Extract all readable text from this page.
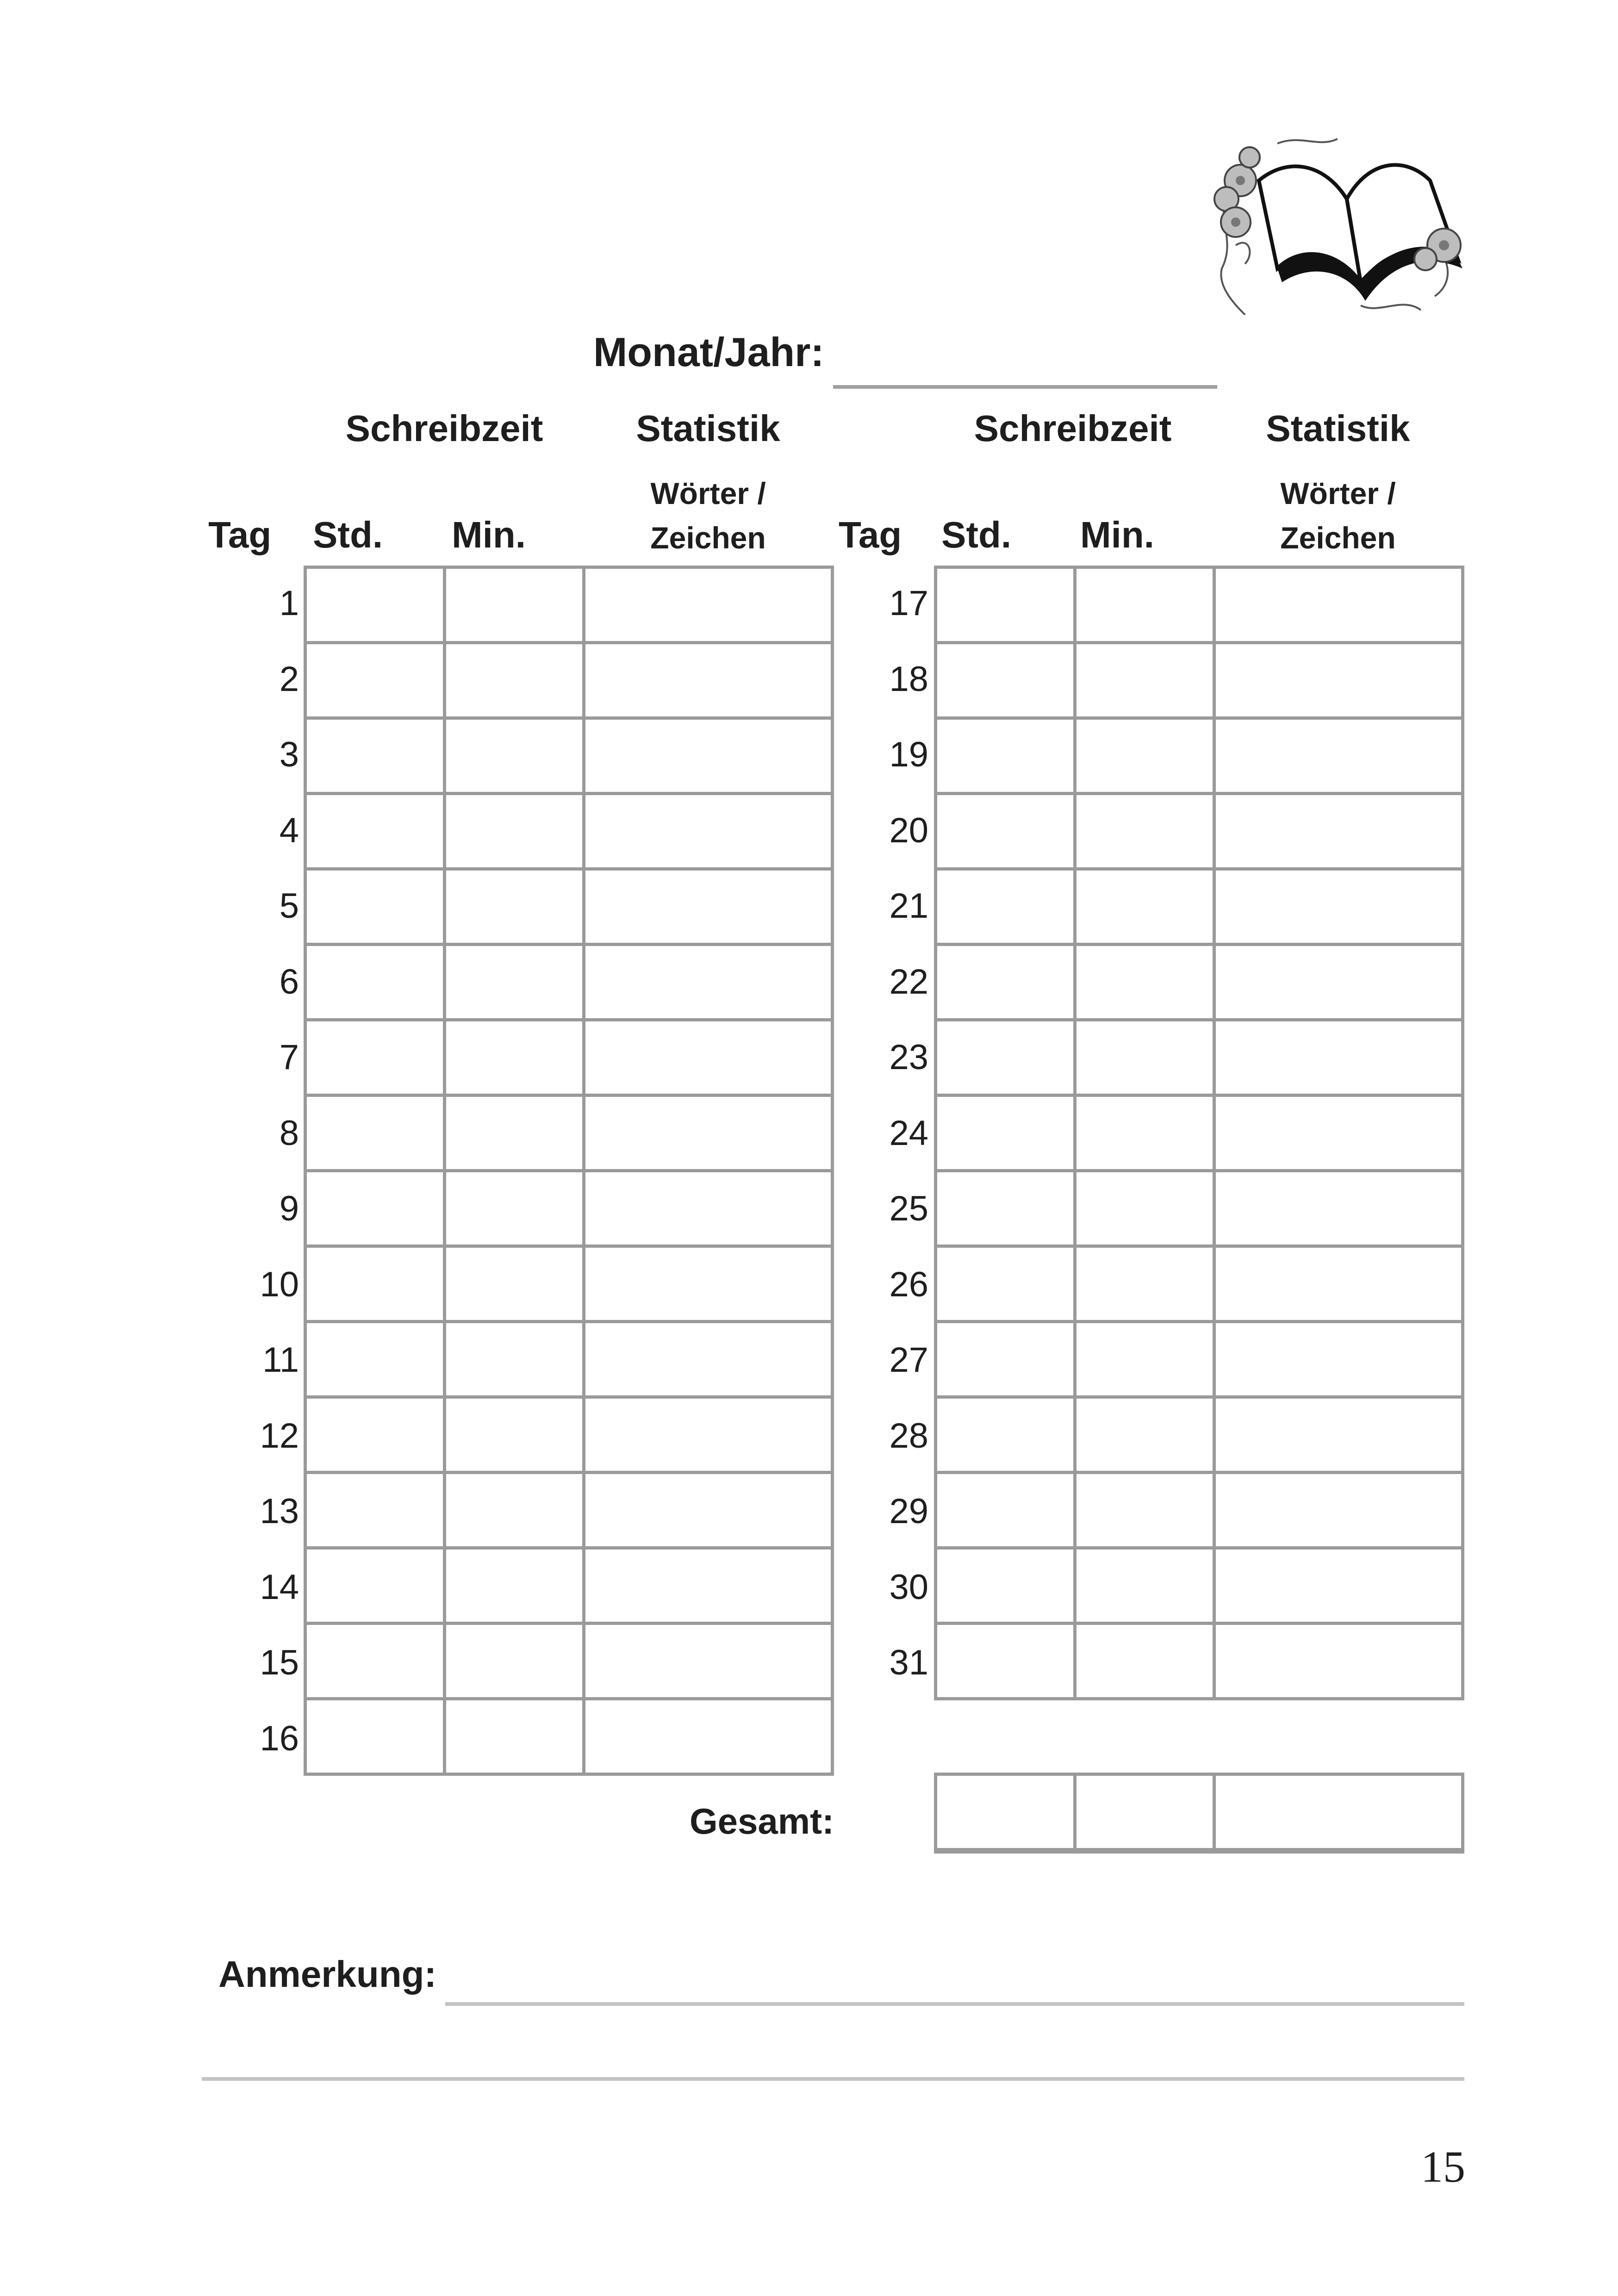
Monat/Jahr:
Schreibzeit	Statistik
Tag Std. Min.
Wörter /
Zeichen
Schreibzeit	Statistik
Tag Std. Min.
Wörter /
Zeichen
1
2
3
4
5
6
7
8
9
10
11
12
13
14
15
16
17
18
19
20
21
22
23
24
25
26
27
28
29
30
31
Gesamt:
Anmerkung:
15
